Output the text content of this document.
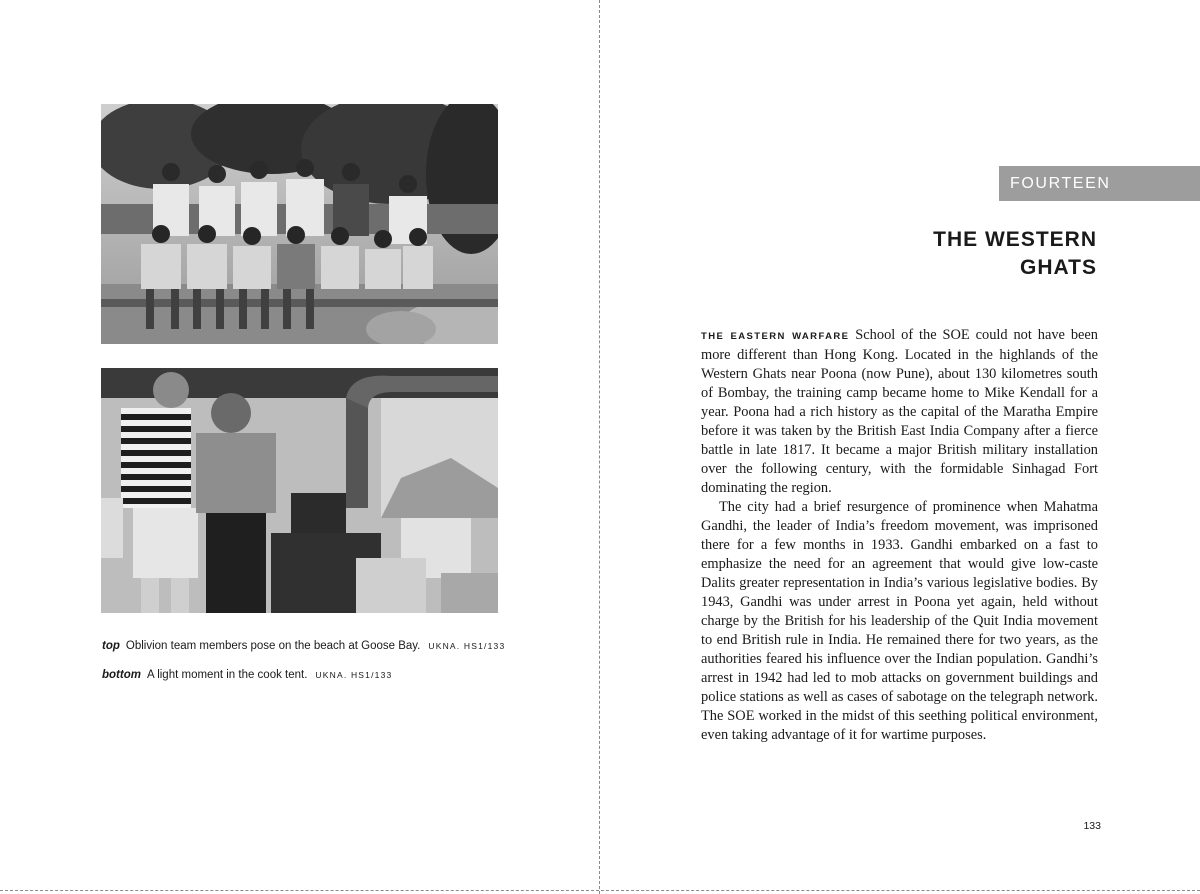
top Oblivion team members pose on the beach at Goose Bay. UKNA. HS1/133
bottom A light moment in the cook tent. UKNA. HS1/133
FOURTEEN
THE WESTERN
GHATS

THE EASTERN WARFARE School of the SOE could not have been more different than Hong Kong. Located in the highlands of the Western Ghats near Poona (now Pune), about 130 kilometres south of Bombay, the training camp became home to Mike Kendall for a year. Poona had a rich history as the capital of the Maratha Empire before it was taken by the British East India Company after a fierce battle in late 1817. It became a major British military installation over the following century, with the formidable Sinhagad Fort dominating the region.

The city had a brief resurgence of prominence when Mahatma Gandhi, the leader of India’s freedom movement, was imprisoned there for a few months in 1933. Gandhi embarked on a fast to emphasize the need for an agreement that would give low-caste Dalits greater representation in India’s various legislative bodies. By 1943, Gandhi was under arrest in Poona yet again, held without charge by the British for his leadership of the Quit India movement to end British rule in India. He remained there for two years, as the authorities feared his influence over the Indian population. Gandhi’s arrest in 1942 had led to mob attacks on government buildings and police stations as well as cases of sabotage on the telegraph network. The SOE worked in the midst of this seething political environment, even taking advantage of it for wartime purposes.

133
